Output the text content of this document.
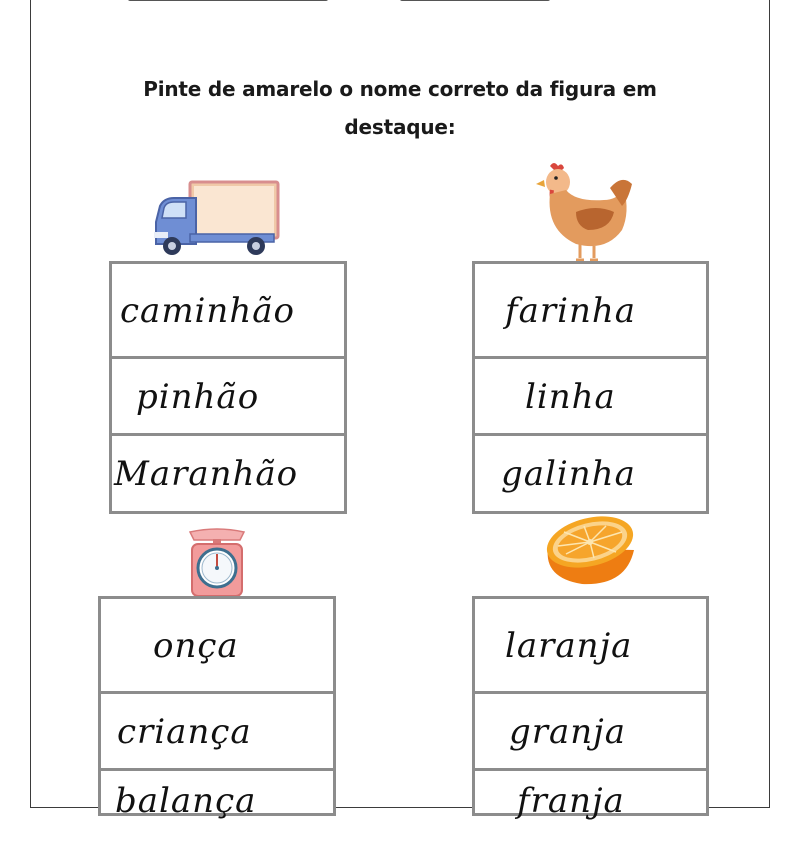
Pinte de amarelo o nome correto da figura em destaque:
caminhão
pinhão
Maranhão
farinha
linha
galinha
onça
criança
balança
laranja
granja
franja
